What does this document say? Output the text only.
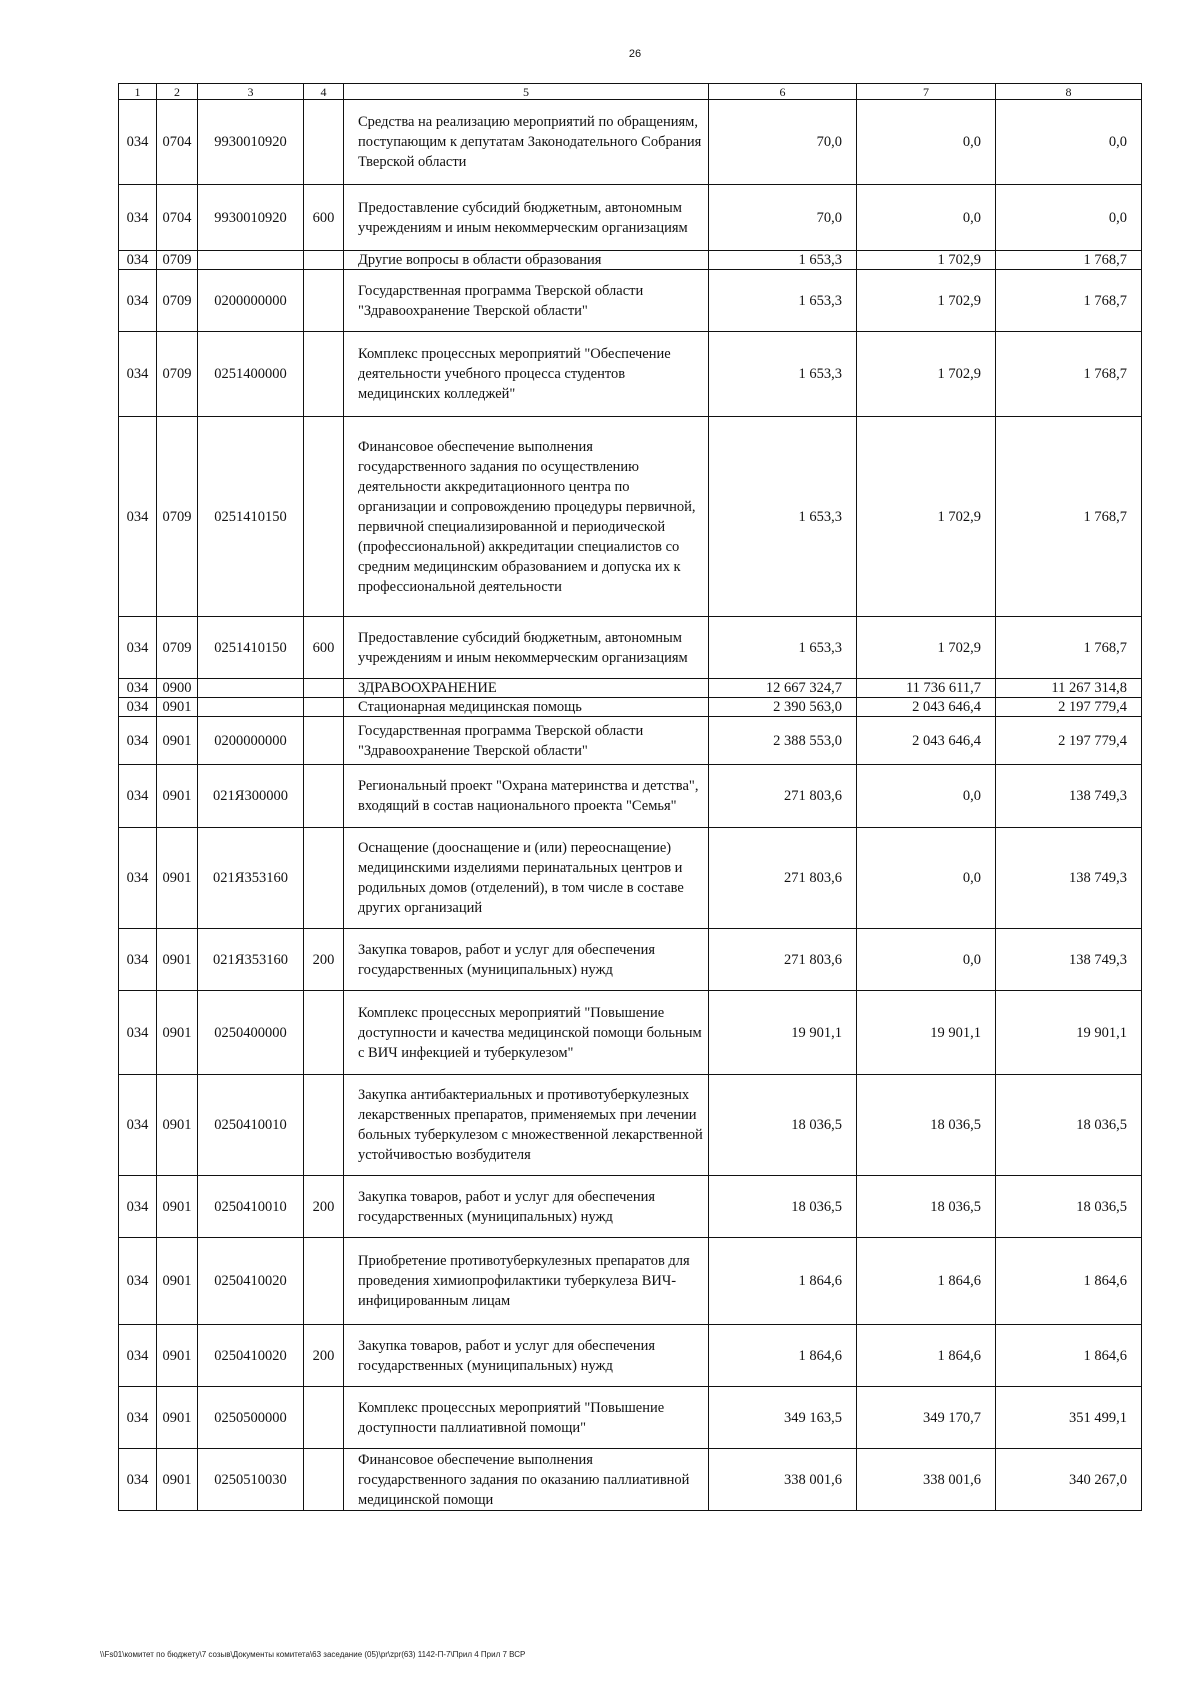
26
1	2	3	4	5	6	7	8
034	0704	9930010920		Средства на реализацию мероприятий по обращениям, поступающим к депутатам Законодательного Собрания Тверской области	70,0	0,0	0,0
034	0704	9930010920	600	Предоставление субсидий бюджетным, автономным учреждениям и иным некоммерческим организациям	70,0	0,0	0,0
034	0709			Другие вопросы в области образования	1 653,3	1 702,9	1 768,7
034	0709	0200000000		Государственная программа Тверской области "Здравоохранение Тверской области"	1 653,3	1 702,9	1 768,7
034	0709	0251400000		Комплекс процессных мероприятий "Обеспечение деятельности учебного процесса студентов медицинских колледжей"	1 653,3	1 702,9	1 768,7
034	0709	0251410150		Финансовое обеспечение выполнения государственного задания по осуществлению деятельности аккредитационного центра по организации и сопровождению процедуры первичной, первичной специализированной и периодической (профессиональной) аккредитации специалистов со средним медицинским образованием и допуска их к профессиональной деятельности	1 653,3	1 702,9	1 768,7
034	0709	0251410150	600	Предоставление субсидий бюджетным, автономным учреждениям и иным некоммерческим организациям	1 653,3	1 702,9	1 768,7
034	0900			ЗДРАВООХРАНЕНИЕ	12 667 324,7	11 736 611,7	11 267 314,8
034	0901			Стационарная медицинская помощь	2 390 563,0	2 043 646,4	2 197 779,4
034	0901	0200000000		Государственная программа Тверской области "Здравоохранение Тверской области"	2 388 553,0	2 043 646,4	2 197 779,4
034	0901	021Я300000		Региональный проект "Охрана материнства и детства", входящий в состав национального проекта "Семья"	271 803,6	0,0	138 749,3
034	0901	021Я353160		Оснащение (дооснащение и (или) переоснащение) медицинскими изделиями перинатальных центров и родильных домов (отделений), в том числе в составе других организаций	271 803,6	0,0	138 749,3
034	0901	021Я353160	200	Закупка товаров, работ и услуг для обеспечения государственных (муниципальных) нужд	271 803,6	0,0	138 749,3
034	0901	0250400000		Комплекс процессных мероприятий "Повышение доступности и качества медицинской помощи больным с ВИЧ инфекцией и туберкулезом"	19 901,1	19 901,1	19 901,1
034	0901	0250410010		Закупка антибактериальных и противотуберкулезных лекарственных препаратов, применяемых при лечении больных туберкулезом с множественной лекарственной устойчивостью возбудителя	18 036,5	18 036,5	18 036,5
034	0901	0250410010	200	Закупка товаров, работ и услуг для обеспечения государственных (муниципальных) нужд	18 036,5	18 036,5	18 036,5
034	0901	0250410020		Приобретение противотуберкулезных препаратов для проведения химиопрофилактики туберкулеза ВИЧ-инфицированным лицам	1 864,6	1 864,6	1 864,6
034	0901	0250410020	200	Закупка товаров, работ и услуг для обеспечения государственных (муниципальных) нужд	1 864,6	1 864,6	1 864,6
034	0901	0250500000		Комплекс процессных мероприятий "Повышение доступности паллиативной помощи"	349 163,5	349 170,7	351 499,1
034	0901	0250510030		Финансовое обеспечение выполнения государственного задания по оказанию паллиативной медицинской помощи	338 001,6	338 001,6	340 267,0
\\Fs01\комитет по бюджету\7 созыв\Документы комитета\63 заседание (05)\pr\zpr(63) 1142-П-7\Прил 4 Прил 7 ВСР
